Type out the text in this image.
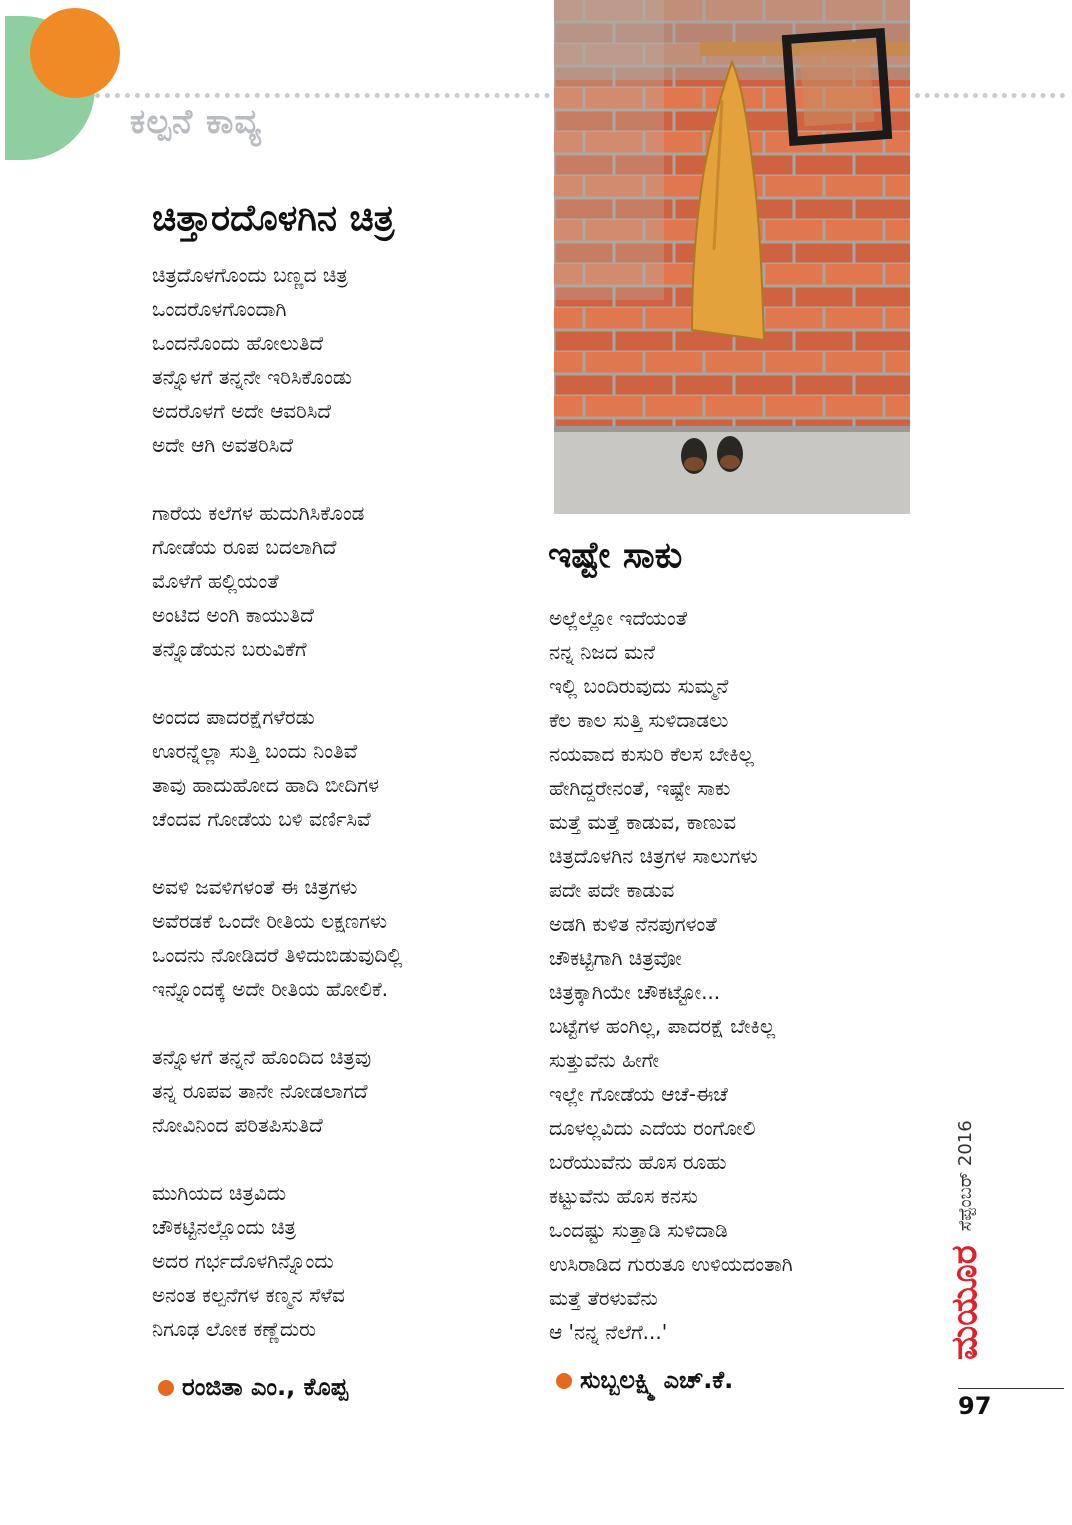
ಕಲ್ಪನೆ ಕಾವ್ಯ
ಚಿತ್ತಾರದೊಳಗಿನ ಚಿತ್ರ
ಚಿತ್ರದೊಳಗೊಂದು ಬಣ್ಣದ ಚಿತ್ರ
ಒಂದರೊಳಗೊಂದಾಗಿ
ಒಂದನೊಂದು ಹೋಲುತಿದೆ
ತನ್ನೊಳಗೆ ತನ್ನನೇ ಇರಿಸಿಕೊಂಡು
ಅದರೊಳಗೆ ಅದೇ ಆವರಿಸಿದೆ
ಅದೇ ಆಗಿ ಅವತರಿಸಿದೆ
ಗಾರೆಯ ಕಲೆಗಳ ಹುದುಗಿಸಿಕೊಂಡ
ಗೋಡೆಯ ರೂಪ ಬದಲಾಗಿದೆ
ಮೊಳೆಗೆ ಹಲ್ಲಿಯಂತೆ
ಅಂಟಿದ ಅಂಗಿ ಕಾಯುತಿದೆ
ತನ್ನೊಡೆಯನ ಬರುವಿಕೆಗೆ
ಅಂದದ ಪಾದರಕ್ಷೆಗಳೆರಡು
ಊರನ್ನೆಲ್ಲಾ ಸುತ್ತಿ ಬಂದು ನಿಂತಿವೆ
ತಾವು ಹಾದುಹೋದ ಹಾದಿ ಬೀದಿಗಳ
ಚೆಂದವ ಗೋಡೆಯ ಬಳಿ ವರ್ಣಿಸಿವೆ
ಅವಳಿ ಜವಳಿಗಳಂತೆ ಈ ಚಿತ್ರಗಳು
ಅವೆರಡಕೆ ಒಂದೇ ರೀತಿಯ ಲಕ್ಷಣಗಳು
ಒಂದನು ನೋಡಿದರೆ ತಿಳಿದುಬಿಡುವುದಿಲ್ಲಿ
ಇನ್ನೊಂದಕ್ಕೆ ಅದೇ ರೀತಿಯ ಹೋಲಿಕೆ.
ತನ್ನೊಳಗೆ ತನ್ನನೆ ಹೊಂದಿದ ಚಿತ್ರವು
ತನ್ನ ರೂಪವ ತಾನೇ ನೋಡಲಾಗದೆ
ನೋವಿನಿಂದ ಪರಿತಪಿಸುತಿದೆ
ಮುಗಿಯದ ಚಿತ್ರವಿದು
ಚೌಕಟ್ಟಿನಲ್ಲೊಂದು ಚಿತ್ರ
ಅದರ ಗರ್ಭದೊಳಗಿನ್ನೊಂದು
ಅನಂತ ಕಲ್ಪನೆಗಳ ಕಣ್ಮನ ಸೆಳೆವ
ನಿಗೂಢ ಲೋಕ ಕಣ್ಣೆದುರು
ರಂಜಿತಾ ಎಂ., ಕೊಪ್ಪ
ಇಷ್ಟೇ ಸಾಕು
ಅಲ್ಲೆಲ್ಲೋ ಇದೆಯಂತೆ
ನನ್ನ ನಿಜದ ಮನೆ
ಇಲ್ಲಿ ಬಂದಿರುವುದು ಸುಮ್ಮನೆ
ಕೆಲ ಕಾಲ ಸುತ್ತಿ ಸುಳಿದಾಡಲು
ನಯವಾದ ಕುಸುರಿ ಕೆಲಸ ಬೇಕಿಲ್ಲ
ಹೇಗಿದ್ದರೇನಂತೆ, ಇಷ್ಟೇ ಸಾಕು
ಮತ್ತೆ ಮತ್ತೆ ಕಾಡುವ, ಕಾಣುವ
ಚಿತ್ರದೊಳಗಿನ ಚಿತ್ರಗಳ ಸಾಲುಗಳು
ಪದೇ ಪದೇ ಕಾಡುವ
ಅಡಗಿ ಕುಳಿತ ನೆನಪುಗಳಂತೆ
ಚೌಕಟ್ಟಿಗಾಗಿ ಚಿತ್ರವೋ
ಚಿತ್ರಕ್ಕಾಗಿಯೇ ಚೌಕಟ್ಟೋ...
ಬಟ್ಟೆಗಳ ಹಂಗಿಲ್ಲ, ಪಾದರಕ್ಷೆ ಬೇಕಿಲ್ಲ
ಸುತ್ತುವೆನು ಹೀಗೇ
ಇಲ್ಲೇ ಗೋಡೆಯ ಆಚೆ-ಈಚೆ
ದೂಳಲ್ಲವಿದು ಎದೆಯ ರಂಗೋಲಿ
ಬರೆಯುವೆನು ಹೊಸ ರೂಹು
ಕಟ್ಟುವೆನು ಹೊಸ ಕನಸು
ಒಂದಷ್ಟು ಸುತ್ತಾಡಿ ಸುಳಿದಾಡಿ
ಉಸಿರಾಡಿದ ಗುರುತೂ ಉಳಿಯದಂತಾಗಿ
ಮತ್ತೆ ತೆರಳುವೆನು
ಆ 'ನನ್ನ ನೆಲೆಗೆ...'
ಸುಬ್ಬಲಕ್ಷ್ಮಿ ಎಚ್.ಕೆ.
ಮಯೂರಸೆಪ್ಟೆಂಬರ್ 2016
97
